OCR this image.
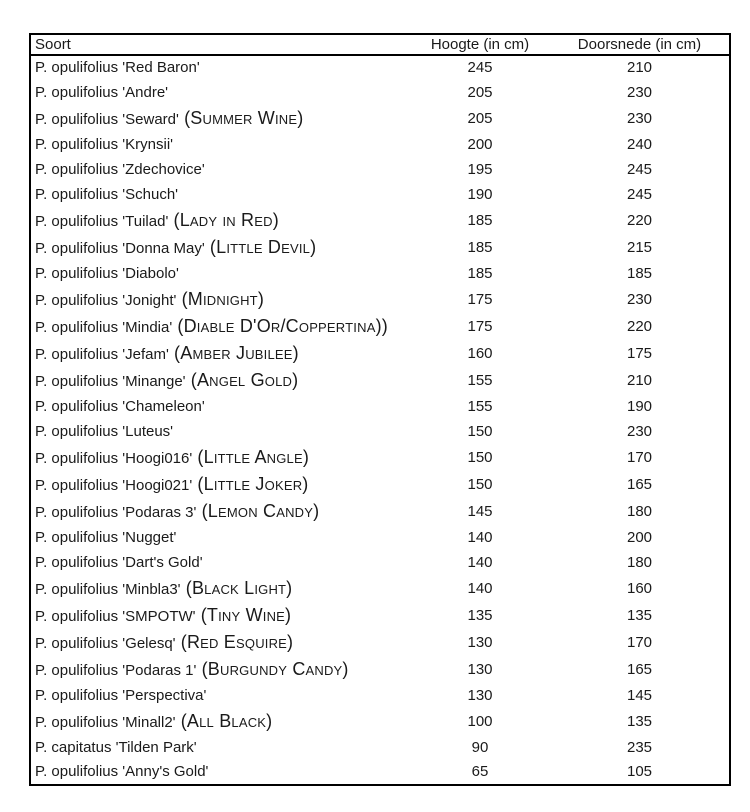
Soort	Hoogte (in cm)	Doorsnede (in cm)
P. opulifolius 'Red Baron'	245	210
P. opulifolius 'Andre'	205	230
P. opulifolius 'Seward' (Summer Wine)	205	230
P. opulifolius 'Krynsii'	200	240
P. opulifolius 'Zdechovice'	195	245
P. opulifolius 'Schuch'	190	245
P. opulifolius 'Tuilad' (Lady in Red)	185	220
P. opulifolius 'Donna May' (Little Devil)	185	215
P. opulifolius 'Diabolo'	185	185
P. opulifolius 'Jonight' (Midnight)	175	230
P. opulifolius 'Mindia' (Diable D'Or/Coppertina))	175	220
P. opulifolius 'Jefam' (Amber Jubilee)	160	175
P. opulifolius 'Minange' (Angel Gold)	155	210
P. opulifolius 'Chameleon'	155	190
P. opulifolius 'Luteus'	150	230
P. opulifolius 'Hoogi016' (Little Angle)	150	170
P. opulifolius 'Hoogi021' (Little Joker)	150	165
P. opulifolius 'Podaras 3' (Lemon Candy)	145	180
P. opulifolius 'Nugget'	140	200
P. opulifolius 'Dart's Gold'	140	180
P. opulifolius 'Minbla3' (Black Light)	140	160
P. opulifolius 'SMPOTW' (Tiny Wine)	135	135
P. opulifolius 'Gelesq' (Red Esquire)	130	170
P. opulifolius 'Podaras 1' (Burgundy Candy)	130	165
P. opulifolius 'Perspectiva'	130	145
P. opulifolius 'Minall2' (All Black)	100	135
P. capitatus 'Tilden Park'	90	235
P. opulifolius 'Anny's Gold'	65	105
